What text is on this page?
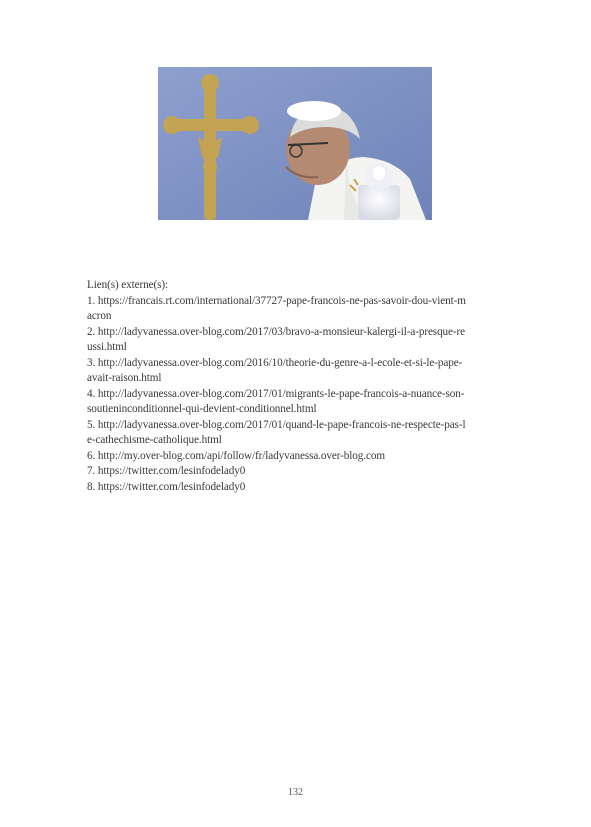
Lien(s) externe(s):
1. https://francais.rt.com/international/37727-pape-francois-ne-pas-savoir-dou-vient-macron
2. http://ladyvanessa.over-blog.com/2017/03/bravo-a-monsieur-kalergi-il-a-presque-reussi.html
3. http://ladyvanessa.over-blog.com/2016/10/theorie-du-genre-a-l-ecole-et-si-le-pape-avait-raison.html
4. http://ladyvanessa.over-blog.com/2017/01/migrants-le-pape-francois-a-nuance-son-soutieninconditionnel-qui-devient-conditionnel.html
5. http://ladyvanessa.over-blog.com/2017/01/quand-le-pape-francois-ne-respecte-pas-le-cathechisme-catholique.html
6. http://my.over-blog.com/api/follow/fr/ladyvanessa.over-blog.com
7. https://twitter.com/lesinfodelady0
8. https://twitter.com/lesinfodelady0
132
